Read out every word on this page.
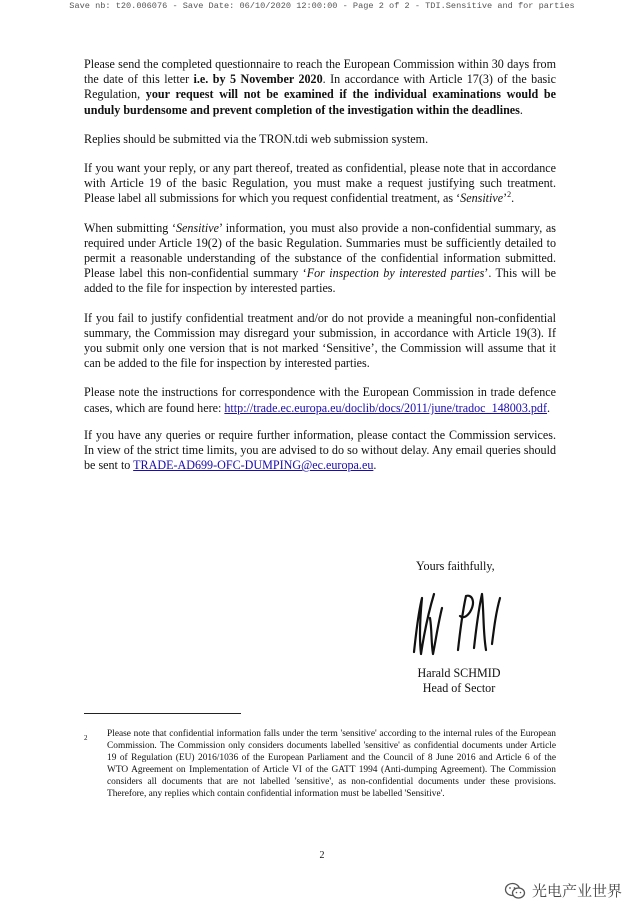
Save nb: t20.006076 - Save Date: 06/10/2020 12:00:00 - Page 2 of 2 - TDI.Sensitive and for parties

Please send the completed questionnaire to reach the European Commission within 30 days from the date of this letter i.e. by 5 November 2020. In accordance with Article 17(3) of the basic Regulation, your request will not be examined if the individual examinations would be unduly burdensome and prevent completion of the investigation within the deadlines.

Replies should be submitted via the TRON.tdi web submission system.

If you want your reply, or any part thereof, treated as confidential, please note that in accordance with Article 19 of the basic Regulation, you must make a request justifying such treatment. Please label all submissions for which you request confidential treatment, as ‘Sensitive’$^2$.

When submitting ‘Sensitive’ information, you must also provide a non-confidential summary, as required under Article 19(2) of the basic Regulation. Summaries must be sufficiently detailed to permit a reasonable understanding of the substance of the confidential information submitted. Please label this non-confidential summary ‘For inspection by interested parties’. This will be added to the file for inspection by interested parties.

If you fail to justify confidential treatment and/or do not provide a meaningful non-confidential summary, the Commission may disregard your submission, in accordance with Article 19(3). If you submit only one version that is not marked ‘Sensitive’, the Commission will assume that it can be added to the file for inspection by interested parties.

Please note the instructions for correspondence with the European Commission in trade defence cases, which are found here: http://trade.ec.europa.eu/doclib/docs/2011/june/tradoc_148003.pdf.

If you have any queries or require further information, please contact the Commission services. In view of the strict time limits, you are advised to do so without delay. Any email queries should be sent to TRADE-AD699-OFC-DUMPING@ec.europa.eu.

Yours faithfully,
Harald SCHMID
Head of Sector
2 Please note that confidential information falls under the term 'sensitive' according to the internal rules of the European Commission. The Commission only considers documents labelled 'sensitive' as confidential documents under Article 19 of Regulation (EU) 2016/1036 of the European Parliament and the Council of 8 June 2016 and Article 6 of the WTO Agreement on Implementation of Article VI of the GATT 1994 (Anti-dumping Agreement). The Commission considers all documents that are not labelled 'sensitive', as non-confidential documents under these provisions. Therefore, any replies which contain confidential information must be labelled 'Sensitive'.
2
光电产业世界
